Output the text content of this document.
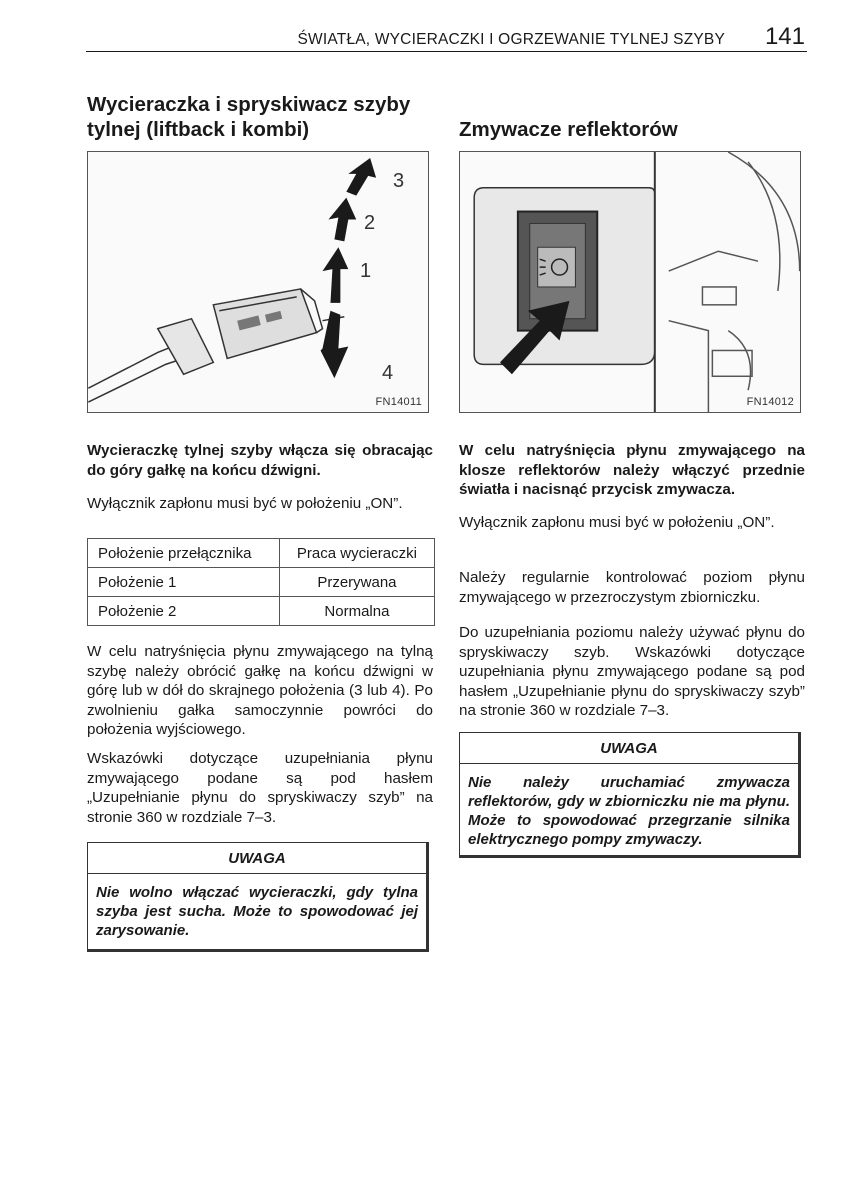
ŚWIATŁA, WYCIERACZKI I OGRZEWANIE TYLNEJ SZYBY 141
Wycieraczka i spryskiwacz szyby
tylnej (liftback i kombi)
3
2
1
4
FN14011

Wycieraczkę tylnej szyby włącza się obracając do góry gałkę na końcu dźwigni.

Wyłącznik zapłonu musi być w położeniu „ON”.

Położenie przełącznika	Praca wycieraczki
Położenie 1	Przerywana
Położenie 2	Normalna

W celu natryśnięcia płynu zmywającego na tylną szybę należy obrócić gałkę na końcu dźwigni w górę lub w dół do skrajnego położenia (3 lub 4). Po zwolnieniu gałka samoczynnie powróci do położenia wyjściowego.

Wskazówki dotyczące uzupełniania płynu zmywającego podane są pod hasłem „Uzupełnianie płynu do spryskiwaczy szyb” na stronie 360 w rozdziale 7–3.

UWAGA
Nie wolno włączać wycieraczki, gdy tylna szyba jest sucha. Może to spowodować jej zarysowanie.
Zmywacze reflektorów
FN14012

W celu natryśnięcia płynu zmywającego na klosze reflektorów należy włączyć przednie światła i nacisnąć przycisk zmywacza.

Wyłącznik zapłonu musi być w położeniu „ON”.

Należy regularnie kontrolować poziom płynu zmywającego w przezroczystym zbiorniczku.

Do uzupełniania poziomu należy używać płynu do spryskiwaczy szyb. Wskazówki dotyczące uzupełniania płynu zmywającego podane są pod hasłem „Uzupełnianie płynu do spryskiwaczy szyb” na stronie 360 w rozdziale 7–3.

UWAGA
Nie należy uruchamiać zmywacza reflektorów, gdy w zbiorniczku nie ma płynu. Może to spowodować przegrzanie silnika elektrycznego pompy zmywaczy.
